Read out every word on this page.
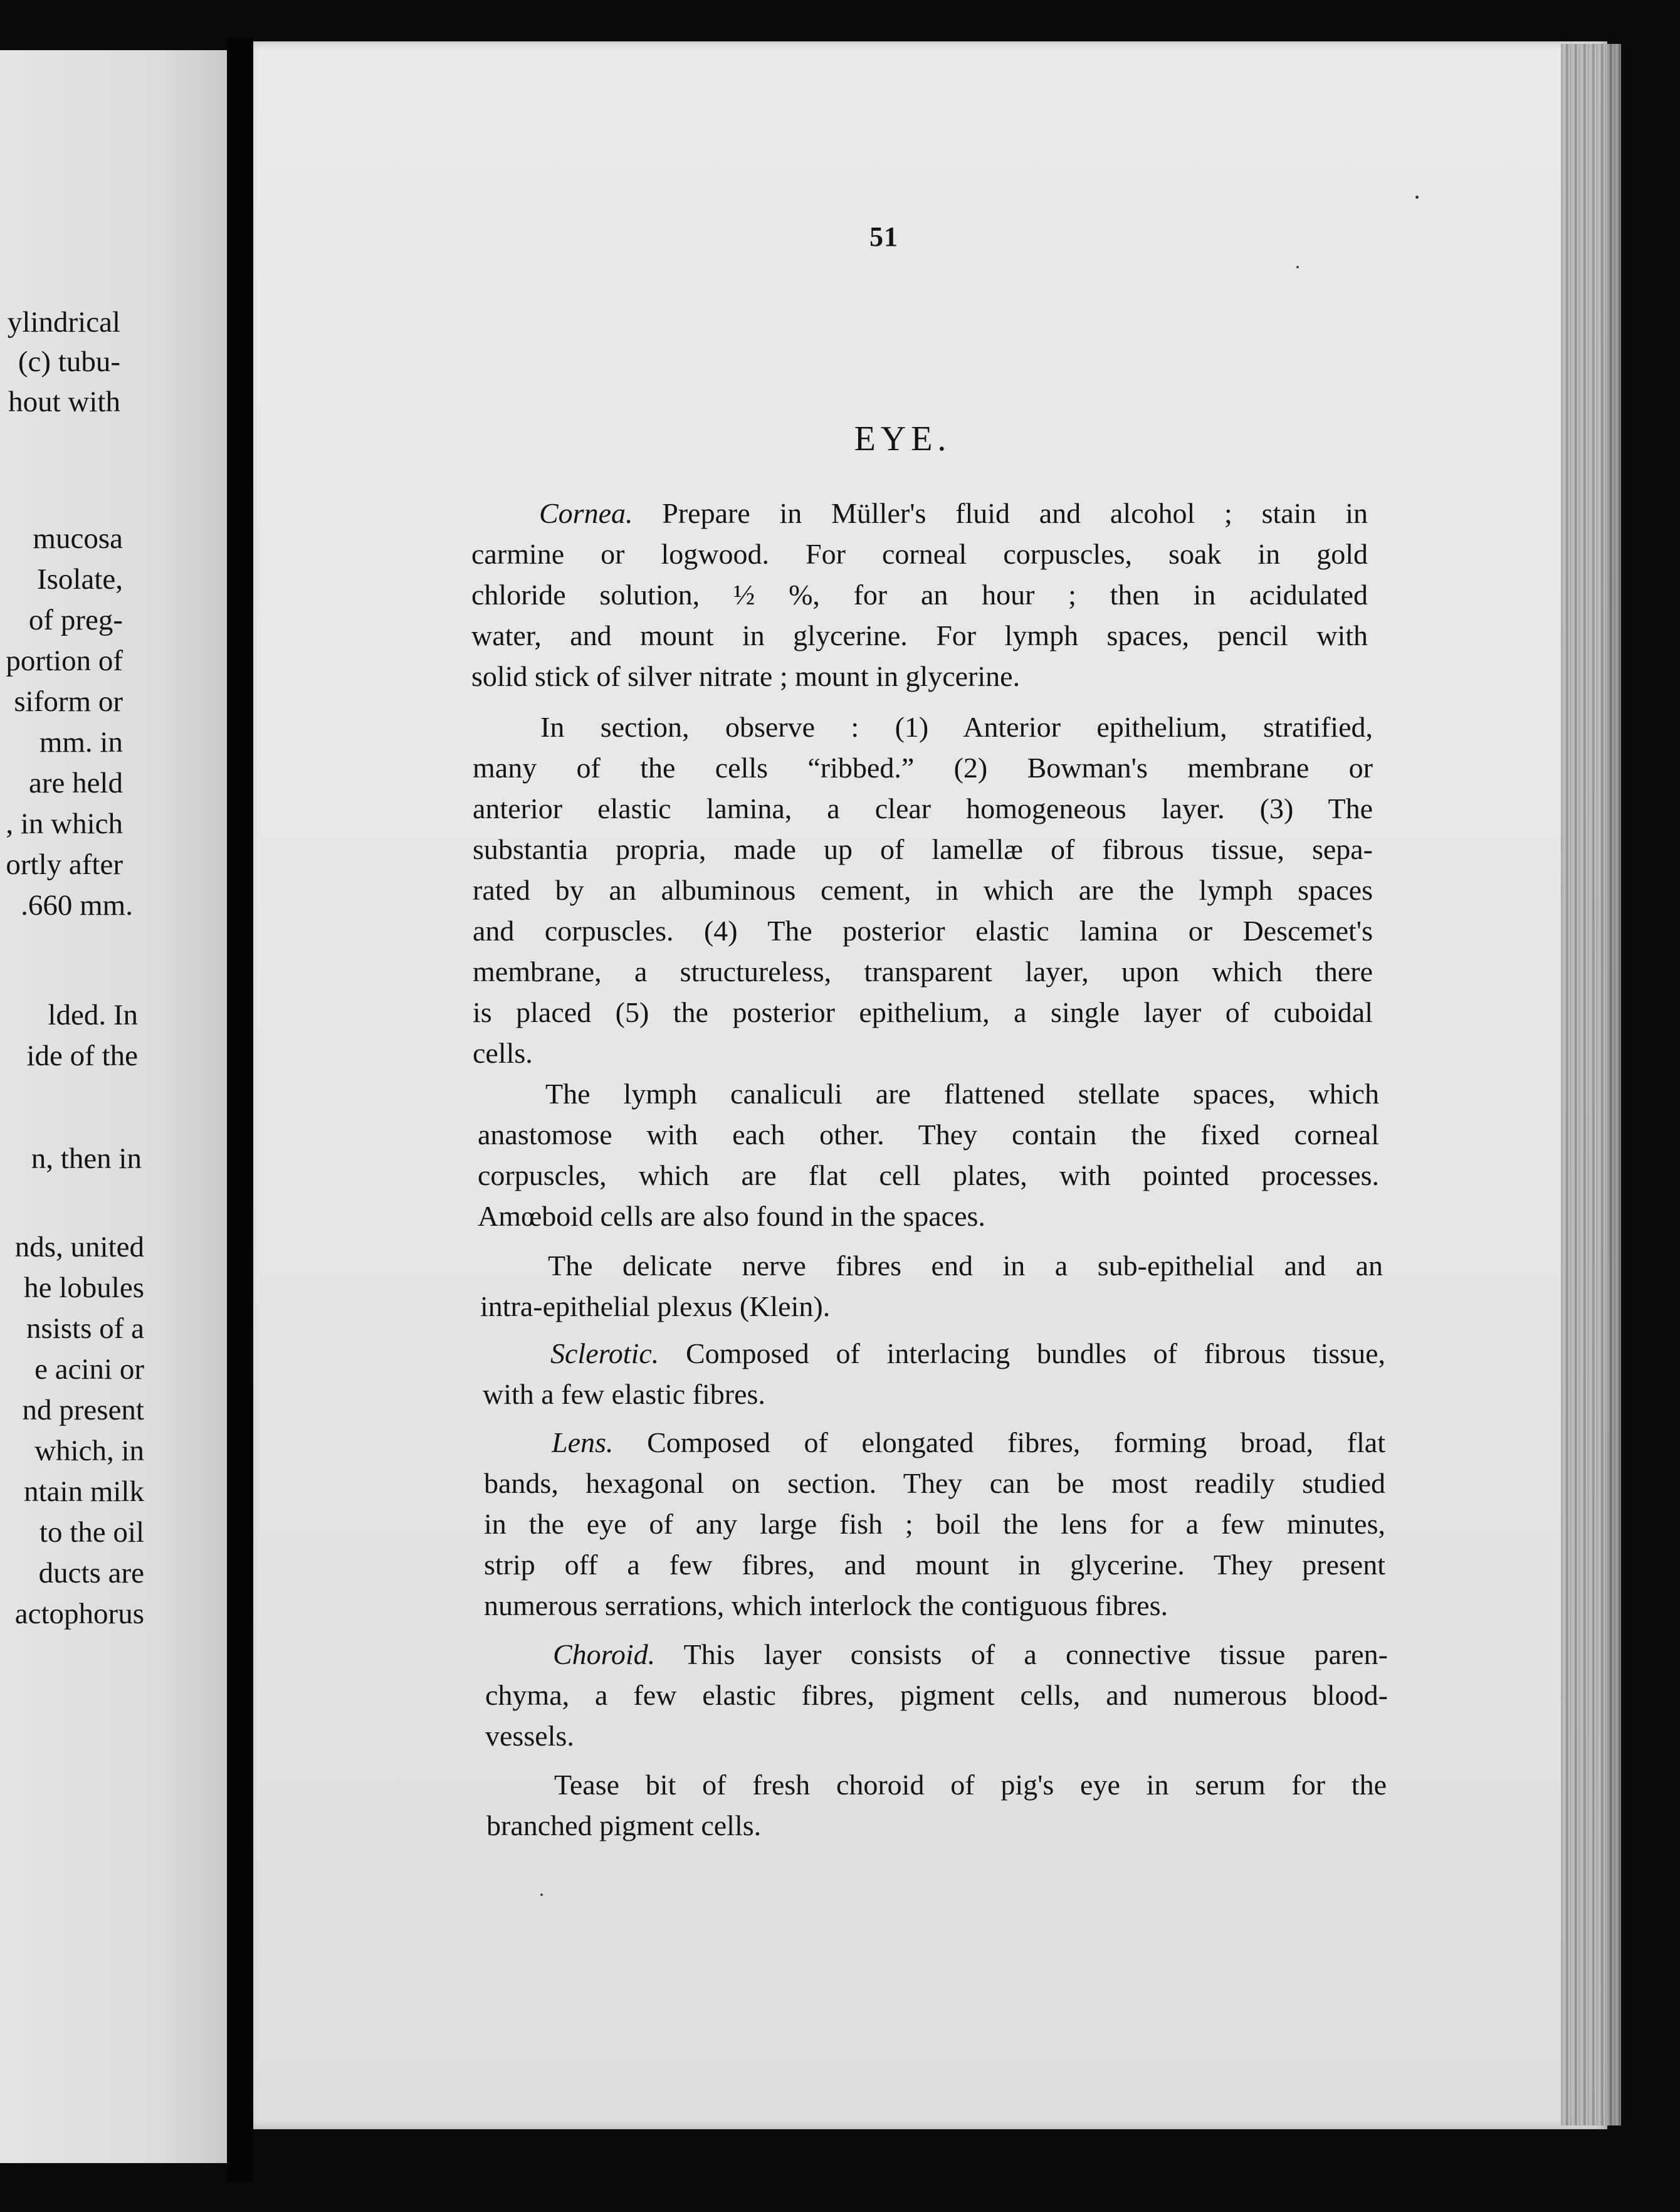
ylindrical
(c) tubu-
hout with
mucosa
Isolate,
of preg-
portion of
siform or
mm. in
are held
, in which
ortly after
.660 mm.
lded. In
ide of the
n, then in
nds, united
he lobules
nsists of a
e acini or
nd present
which, in
ntain milk
to the oil
ducts are
actophorus
51
EYE.
Cornea. Prepare in Müller's fluid and alcohol ; stain in
carmine or logwood. For corneal corpuscles, soak in gold
chloride solution, ½ %, for an hour ; then in acidulated
water, and mount in glycerine. For lymph spaces, pencil with
solid stick of silver nitrate ; mount in glycerine.
In section, observe : (1) Anterior epithelium, stratified,
many of the cells “ribbed.” (2) Bowman's membrane or
anterior elastic lamina, a clear homogeneous layer. (3) The
substantia propria, made up of lamellæ of fibrous tissue, sepa-
rated by an albuminous cement, in which are the lymph spaces
and corpuscles. (4) The posterior elastic lamina or Descemet's
membrane, a structureless, transparent layer, upon which there
is placed (5) the posterior epithelium, a single layer of cuboidal
cells.
The lymph canaliculi are flattened stellate spaces, which
anastomose with each other. They contain the fixed corneal
corpuscles, which are flat cell plates, with pointed processes.
Amœboid cells are also found in the spaces.
The delicate nerve fibres end in a sub-epithelial and an
intra-epithelial plexus (Klein).
Sclerotic. Composed of interlacing bundles of fibrous tissue,
with a few elastic fibres.
Lens. Composed of elongated fibres, forming broad, flat
bands, hexagonal on section. They can be most readily studied
in the eye of any large fish ; boil the lens for a few minutes,
strip off a few fibres, and mount in glycerine. They present
numerous serrations, which interlock the contiguous fibres.
Choroid. This layer consists of a connective tissue paren-
chyma, a few elastic fibres, pigment cells, and numerous blood-
vessels.
Tease bit of fresh choroid of pig's eye in serum for the
branched pigment cells.
